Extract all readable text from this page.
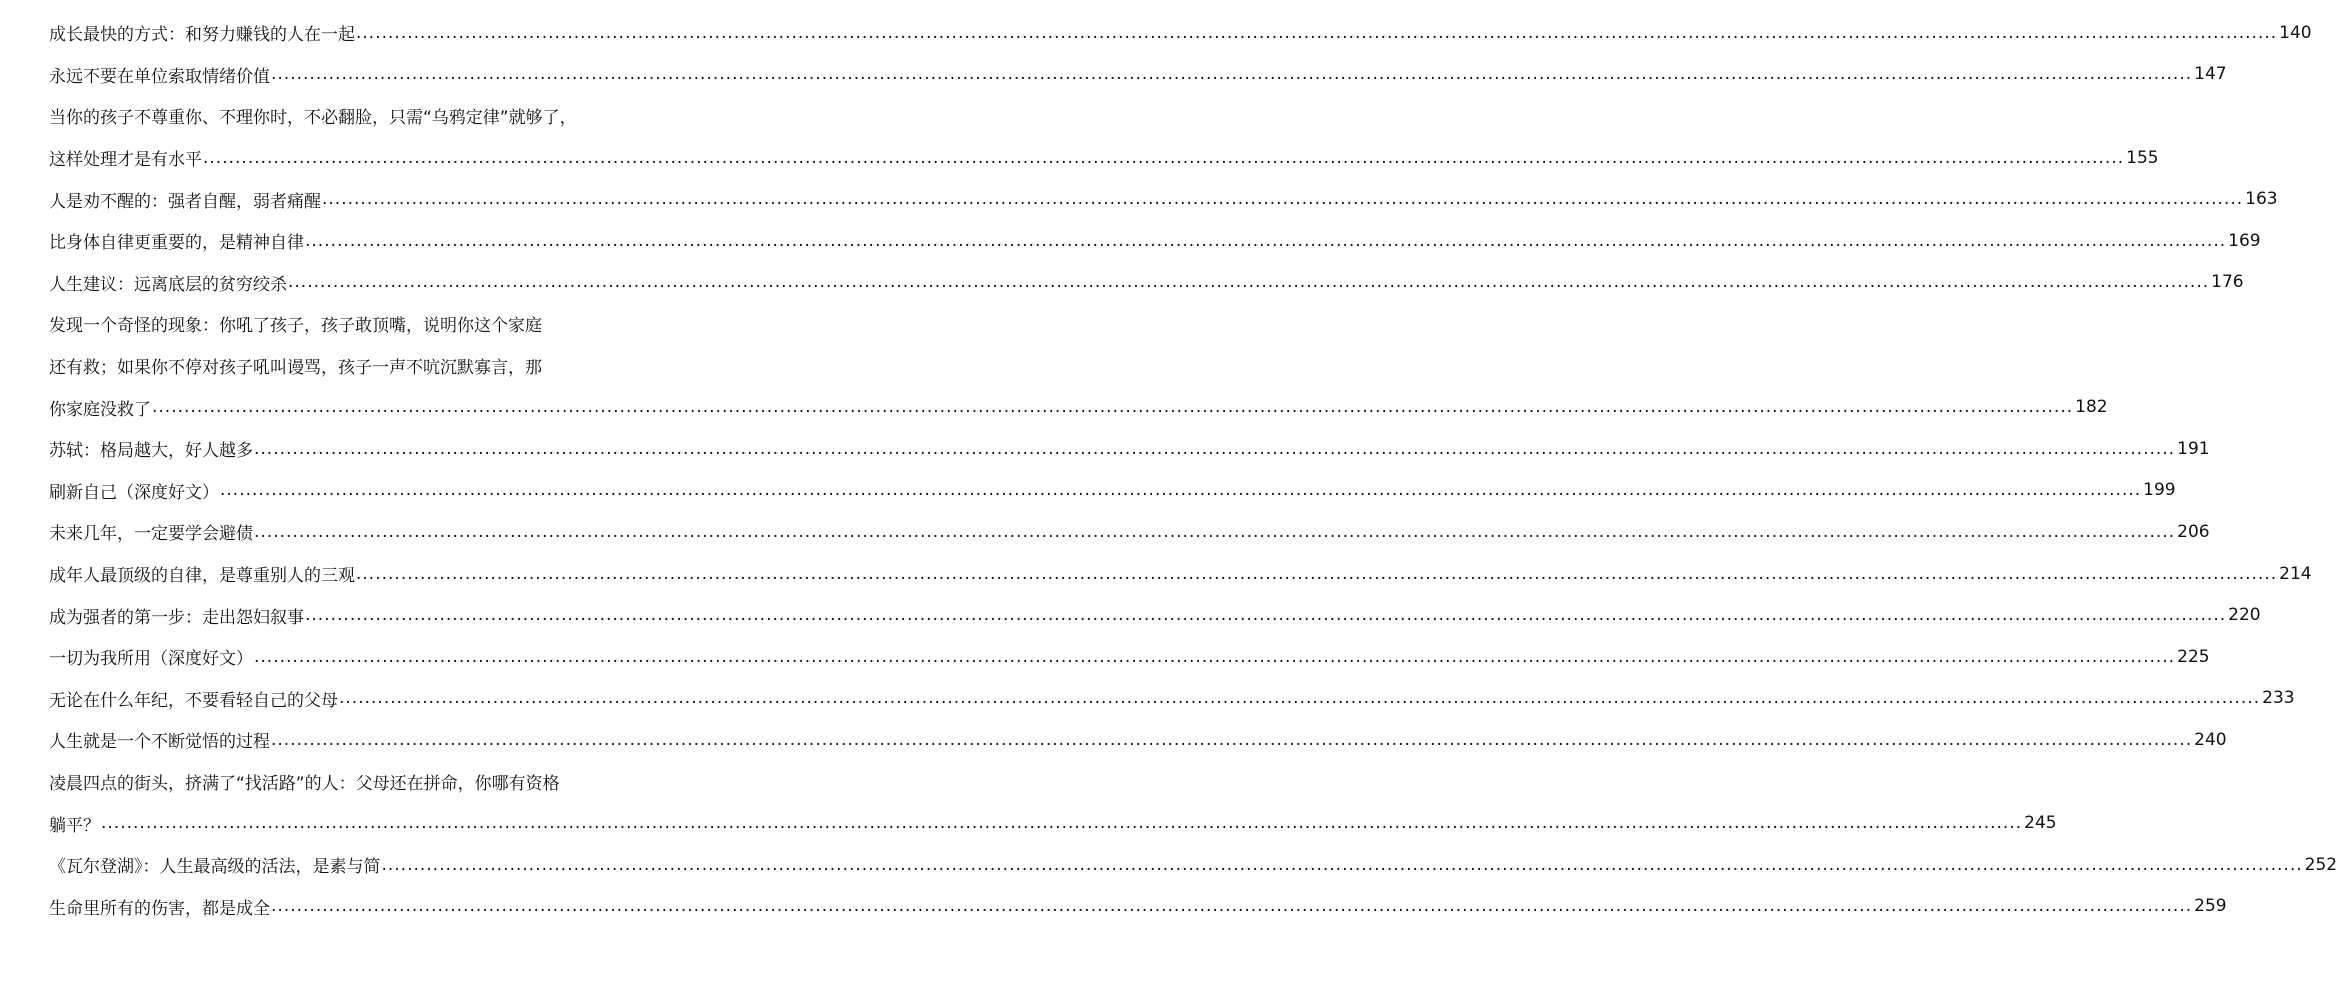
成长最快的方式：和努力赚钱的人在一起 ............................................................................................................................................................................................................................................................................................................ 140
永远不要在单位索取情绪价值 ............................................................................................................................................................................................................................................................................................................ 147
当你的孩子不尊重你、不理你时，不必翻脸，只需“乌鸦定律”就够了，
这样处理才是有水平 ............................................................................................................................................................................................................................................................................................................ 155
人是劝不醒的：强者自醒，弱者痛醒 ............................................................................................................................................................................................................................................................................................................ 163
比身体自律更重要的，是精神自律 ............................................................................................................................................................................................................................................................................................................ 169
人生建议：远离底层的贫穷绞杀 ............................................................................................................................................................................................................................................................................................................ 176
发现一个奇怪的现象：你吼了孩子，孩子敢顶嘴，说明你这个家庭
还有救；如果你不停对孩子吼叫谩骂，孩子一声不吭沉默寡言，那
你家庭没救了 ............................................................................................................................................................................................................................................................................................................ 182
苏轼：格局越大，好人越多 ............................................................................................................................................................................................................................................................................................................ 191
刷新自己（深度好文） ............................................................................................................................................................................................................................................................................................................ 199
未来几年，一定要学会避债 ............................................................................................................................................................................................................................................................................................................ 206
成年人最顶级的自律，是尊重别人的三观 ............................................................................................................................................................................................................................................................................................................ 214
成为强者的第一步：走出怨妇叙事 ............................................................................................................................................................................................................................................................................................................ 220
一切为我所用（深度好文） ............................................................................................................................................................................................................................................................................................................ 225
无论在什么年纪，不要看轻自己的父母 ............................................................................................................................................................................................................................................................................................................ 233
人生就是一个不断觉悟的过程 ............................................................................................................................................................................................................................................................................................................ 240
凌晨四点的街头，挤满了“找活路”的人：父母还在拼命，你哪有资格
躺平？ ............................................................................................................................................................................................................................................................................................................ 245
《瓦尔登湖》：人生最高级的活法，是素与简 ............................................................................................................................................................................................................................................................................................................ 252
生命里所有的伤害，都是成全 ............................................................................................................................................................................................................................................................................................................ 259
